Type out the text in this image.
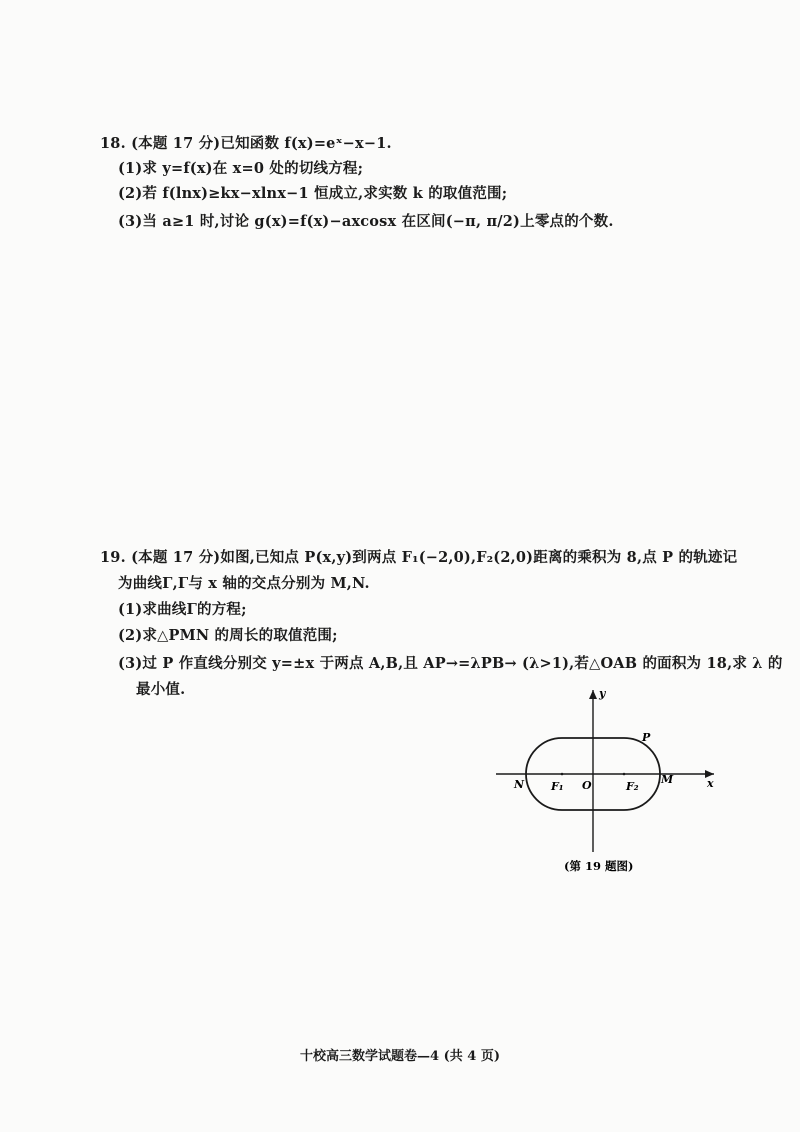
18. (本题 17 分)已知函数 f(x)=eˣ−x−1.
(1)求 y=f(x)在 x=0 处的切线方程;
(2)若 f(lnx)≥kx−xlnx−1 恒成立,求实数 k 的取值范围;
(3)当 a≥1 时,讨论 g(x)=f(x)−axcosx 在区间(−π, π/2)上零点的个数.
19. (本题 17 分)如图,已知点 P(x,y)到两点 F₁(−2,0),F₂(2,0)距离的乘积为 8,点 P 的轨迹记
为曲线Γ,Γ与 x 轴的交点分别为 M,N.
(1)求曲线Γ的方程;
(2)求△PMN 的周长的取值范围;
(3)过 P 作直线分别交 y=±x 于两点 A,B,且 AP→=λPB→ (λ>1),若△OAB 的面积为 18,求 λ 的
最小值.	y
x
P
N	M
O
F₁	F₂
(第 19 题图)
十校高三数学试题卷—4 (共 4 页)
